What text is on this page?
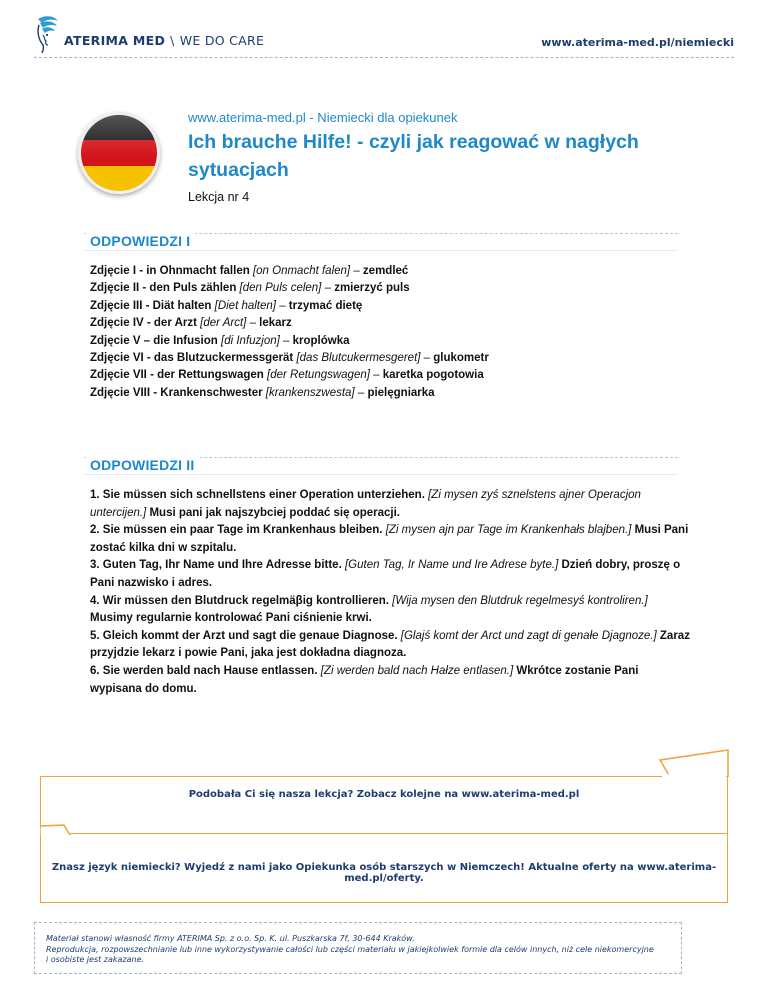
ATERIMA MED \ WE DO CARE	www.aterima-med.pl/niemiecki
www.aterima-med.pl - Niemiecki dla opiekunek
Ich brauche Hilfe! - czyli jak reagować w nagłych sytuacjach
Lekcja nr 4
ODPOWIEDZI I
Zdjęcie I - in Ohnmacht fallen [on Onmacht falen] – zemdleć
Zdjęcie II - den Puls zählen [den Puls celen] – zmierzyć puls
Zdjęcie III - Diät halten [Diet halten] – trzymać dietę
Zdjęcie IV - der Arzt [der Arct] – lekarz
Zdjęcie V – die Infusion [di Infuzjon] – kroplówka
Zdjęcie VI - das Blutzuckermessgerät [das Blutcukermesgeret] – glukometr
Zdjęcie VII - der Rettungswagen [der Retungswagen] – karetka pogotowia
Zdjęcie VIII - Krankenschwester [krankenszwesta] – pielęgniarka
ODPOWIEDZI II
1. Sie müssen sich schnellstens einer Operation unterziehen. [Zi mysen zyś sznelstens ajner Operacjon untercijen.] Musi pani jak najszybciej poddać się operacji.
2. Sie müssen ein paar Tage im Krankenhaus bleiben. [Zi mysen ajn par Tage im Krankenhałs blajben.] Musi Pani zostać kilka dni w szpitalu.
3. Guten Tag, Ihr Name und Ihre Adresse bitte. [Guten Tag, Ir Name und Ire Adrese byte.] Dzień dobry, proszę o Pani nazwisko i adres.
4. Wir müssen den Blutdruck regelmäβig kontrollieren. [Wija mysen den Blutdruk regelmesyś kontroliren.] Musimy regularnie kontrolować Pani ciśnienie krwi.
5. Gleich kommt der Arzt und sagt die genaue Diagnose. [Glajś komt der Arct und zagt di genałe Djagnoze.] Zaraz przyjdzie lekarz i powie Pani, jaka jest dokładna diagnoza.
6. Sie werden bald nach Hause entlassen. [Zi werden bald nach Hałze entlasen.] Wkrótce zostanie Pani wypisana do domu.
Podobała Ci się nasza lekcja? Zobacz kolejne na www.aterima-med.pl
Znasz język niemiecki? Wyjedź z nami jako Opiekunka osób starszych w Niemczech! Aktualne oferty na www.aterima-med.pl/oferty.
Materiał stanowi własność firmy ATERIMA Sp. z o.o. Sp. K. ul. Puszkarska 7f, 30-644 Kraków.
Reprodukcja, rozpowszechnianie lub inne wykorzystywanie całości lub części materiału w jakiejkolwiek formie dla celów innych, niż cele niekomercyjne
i osobiste jest zakazane.
